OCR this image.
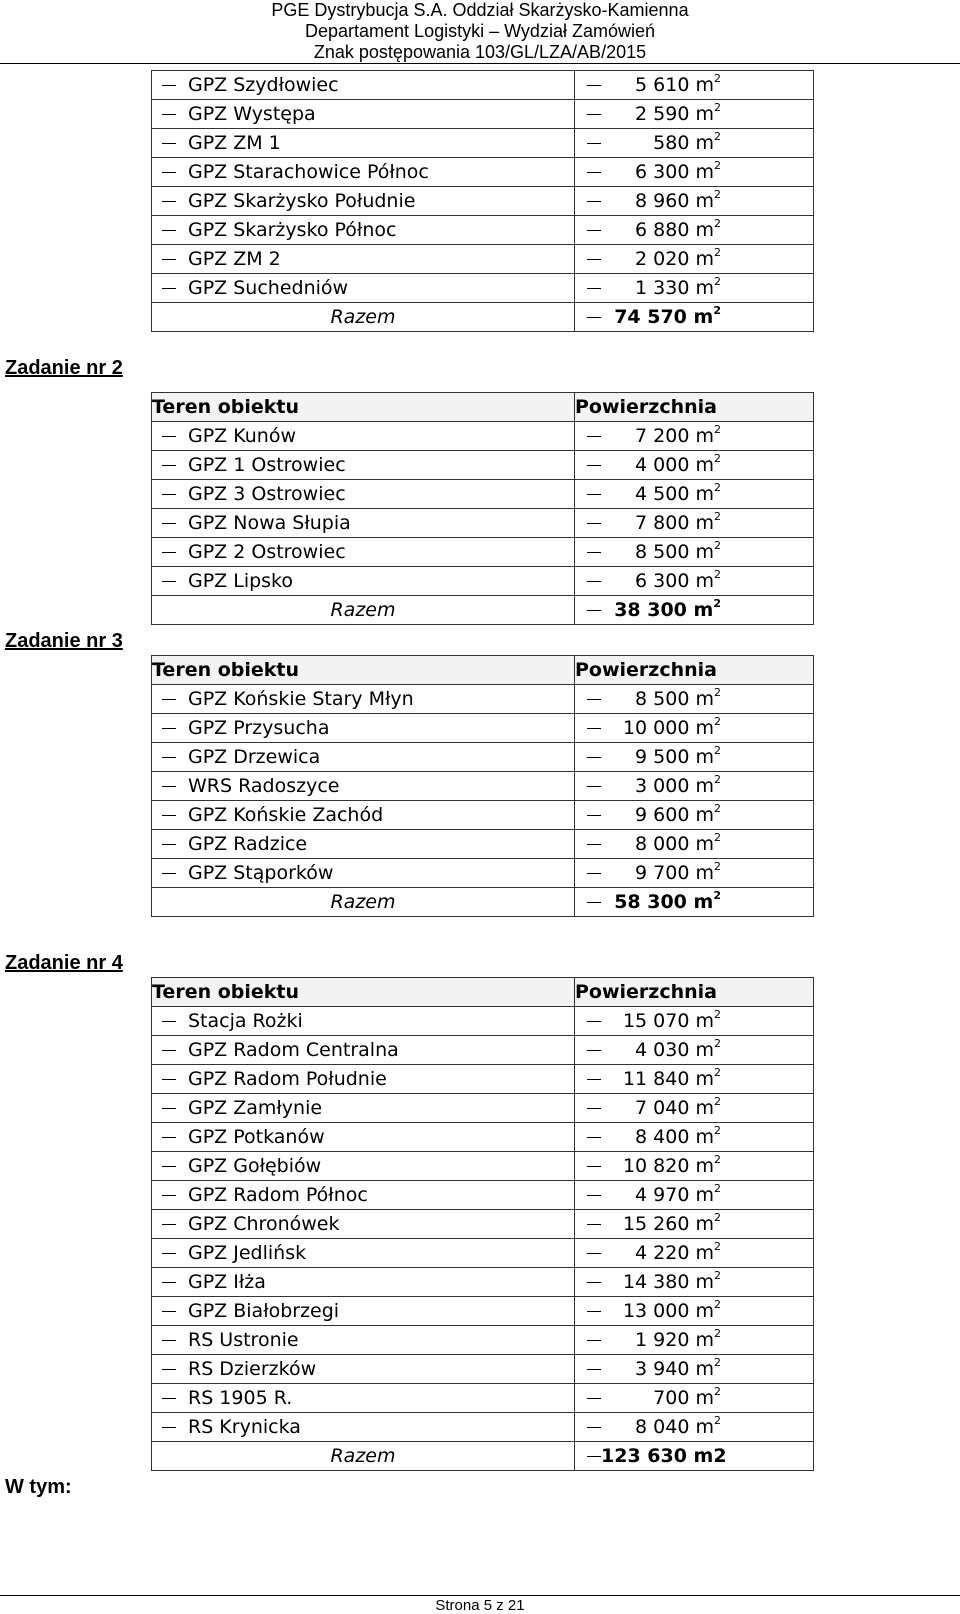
PGE Dystrybucja S.A. Oddział Skarżysko-Kamienna
Departament Logistyki – Wydział Zamówień
Znak postępowania 103/GL/LZA/AB/2015
GPZ Szydłowiec	5 610 $m^2$
GPZ Występa	2 590 $m^2$
GPZ ZM 1	580 $m^2$
GPZ Starachowice Północ	6 300 $m^2$
GPZ Skarżysko Południe	8 960 $m^2$
GPZ Skarżysko Północ	6 880 $m^2$
GPZ ZM 2	2 020 $m^2$
GPZ Suchedniów	1 330 $m^2$

Razem	74 570 $m^2$
Zadanie nr 2
Teren obiektu	Powierzchnia
GPZ Kunów	7 200 $m^2$
GPZ 1 Ostrowiec	4 000 $m^2$
GPZ 3 Ostrowiec	4 500 $m^2$
GPZ Nowa Słupia	7 800 $m^2$
GPZ 2 Ostrowiec	8 500 $m^2$
GPZ Lipsko	6 300 $m^2$

Razem	38 300 $m^2$
Zadanie nr 3
Teren obiektu	Powierzchnia
GPZ Końskie Stary Młyn	8 500 $m^2$
GPZ Przysucha	10 000 $m^2$
GPZ Drzewica	9 500 $m^2$
WRS Radoszyce	3 000 $m^2$
GPZ Końskie Zachód	9 600 $m^2$
GPZ Radzice	8 000 $m^2$
GPZ Stąporków	9 700 $m^2$

Razem	58 300 $m^2$
Zadanie nr 4
Teren obiektu	Powierzchnia
Stacja Rożki	15 070 $m^2$
GPZ Radom Centralna	4 030 $m^2$
GPZ Radom Południe	11 840 $m^2$
GPZ Zamłynie	7 040 $m^2$
GPZ Potkanów	8 400 $m^2$
GPZ Gołębiów	10 820 $m^2$
GPZ Radom Północ	4 970 $m^2$
GPZ Chronówek	15 260 $m^2$
GPZ Jedlińsk	4 220 $m^2$
GPZ Iłża	14 380 $m^2$
GPZ Białobrzegi	13 000 $m^2$
RS Ustronie	1 920 $m^2$
RS Dzierzków	3 940 $m^2$
RS 1905 R.	700 $m^2$
RS Krynicka	8 040 $m^2$

Razem	123 630 m2
W tym:
Strona 5 z 21
